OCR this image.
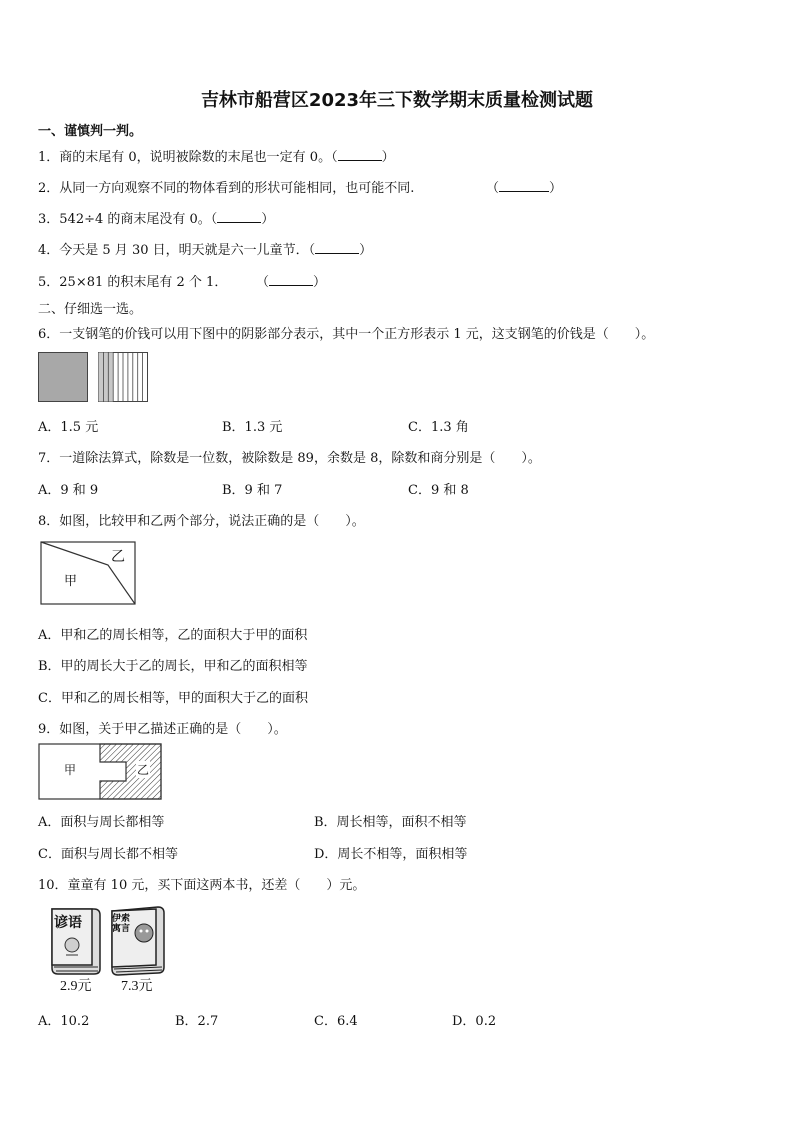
吉林市船营区2023年三下数学期末质量检测试题
一、谨慎判一判。
1．商的末尾有 0，说明被除数的末尾也一定有 0。（	）
2．从同一方向观察不同的物体看到的形状可能相同，也可能不同.	（	）
3．542÷4 的商末尾没有 0。（	）
4．今天是 5 月 30 日，明天就是六一儿童节．（	）
5．25×81 的积末尾有 2 个 1． （	）
二、仔细选一选。
6．一支钢笔的价钱可以用下图中的阴影部分表示，其中一个正方形表示 1 元，这支钢笔的价钱是（　　）。
A．1.5 元	B．1.3 元	C．1.3 角
7．一道除法算式，除数是一位数，被除数是 89，余数是 8，除数和商分别是（　　）。
A．9 和 9	B．9 和 7	C．9 和 8
8．如图，比较甲和乙两个部分，说法正确的是（　　）。
乙
甲
A．甲和乙的周长相等，乙的面积大于甲的面积
B．甲的周长大于乙的周长，甲和乙的面积相等
C．甲和乙的周长相等，甲的面积大于乙的面积
9．如图，关于甲乙描述正确的是（　　）。
甲	乙
A．面积与周长都相等	B．周长相等，面积不相等
C．面积与周长都不相等	D．周长不相等，面积相等
10．童童有 10 元，买下面这两本书，还差（　　）元。
谚语
2.9元
伊索寓言
7.3元
A．10.2	B．2.7	C．6.4	D．0.2
